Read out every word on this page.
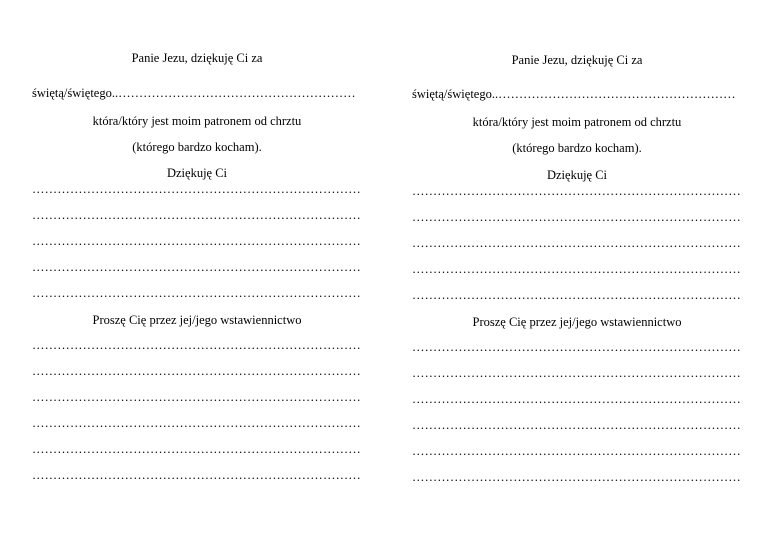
Panie Jezu, dziękuję Ci za
świętą/świętego..…………………………………………………
która/który jest moim patronem od chrztu
(którego bardzo kocham).
Dziękuję Ci
……………………………………………………………………
……………………………………………………………………
……………………………………………………………………
……………………………………………………………………
……………………………………………………………………
Proszę Cię przez jej/jego wstawiennictwo
……………………………………………………………………
……………………………………………………………………
……………………………………………………………………
……………………………………………………………………
……………………………………………………………………
……………………………………………………………………
Panie Jezu, dziękuję Ci za
świętą/świętego..…………………………………………………
która/który jest moim patronem od chrztu
(którego bardzo kocham).
Dziękuję Ci
……………………………………………………………………
……………………………………………………………………
……………………………………………………………………
……………………………………………………………………
……………………………………………………………………
Proszę Cię przez jej/jego wstawiennictwo
……………………………………………………………………
……………………………………………………………………
……………………………………………………………………
……………………………………………………………………
……………………………………………………………………
……………………………………………………………………
